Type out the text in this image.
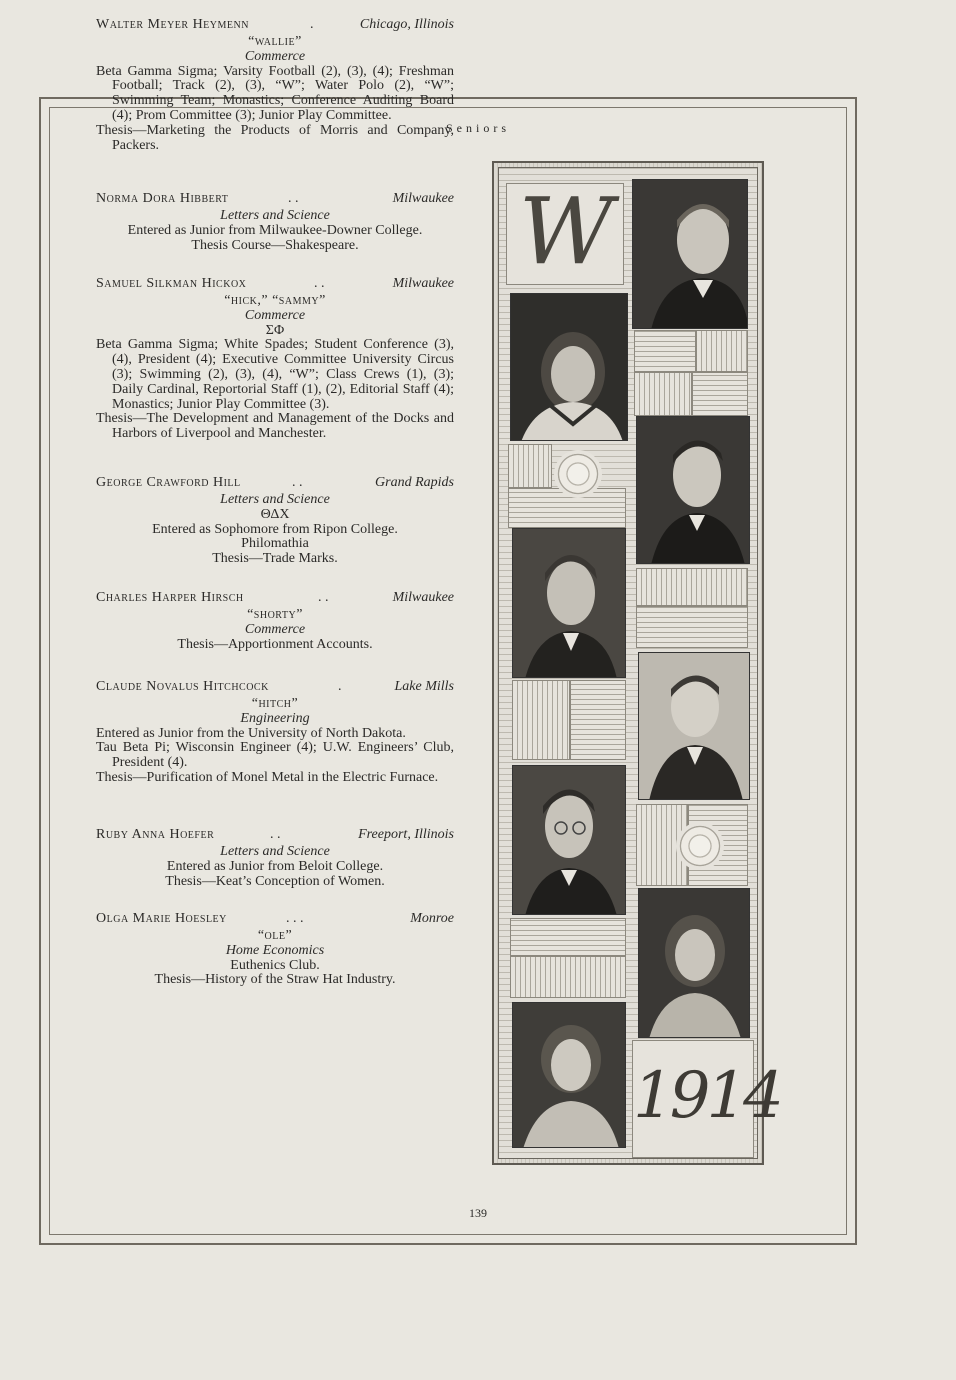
Seniors
Walter Meyer Heymenn	.	Chicago, Illinois
“wallie”
Commerce
Beta Gamma Sigma; Varsity Football (2), (3), (4); Freshman Football; Track (2), (3), “W”; Water Polo (2), “W”; Swimming Team; Monastics; Conference Auditing Board (4); Prom Committee (3); Junior Play Committee.
Thesis—Marketing the Products of Morris and Company, Packers.
Norma Dora Hibbert	. .	Milwaukee
Letters and Science
Entered as Junior from Milwaukee-Downer College.
Thesis Course—Shakespeare.
Samuel Silkman Hickox	. .	Milwaukee
“hick,” “sammy”
Commerce
ΣΦ
Beta Gamma Sigma; White Spades; Student Conference (3), (4), President (4); Executive Committee University Circus (3); Swimming (2), (3), (4), “W”; Class Crews (1), (3); Daily Cardinal, Reportorial Staff (1), (2), Editorial Staff (4); Monastics; Junior Play Committee (3).
Thesis—The Development and Management of the Docks and Harbors of Liverpool and Manchester.
George Crawford Hill	. .	Grand Rapids
Letters and Science
ΘΔΧ
Entered as Sophomore from Ripon College.
Philomathia
Thesis—Trade Marks.
Charles Harper Hirsch	. .	Milwaukee
“shorty”
Commerce
Thesis—Apportionment Accounts.
Claude Novalus Hitchcock	.	Lake Mills
“hitch”
Engineering
Entered as Junior from the University of North Dakota.
Tau Beta Pi; Wisconsin Engineer (4); U.W. Engineers’ Club, President (4).
Thesis—Purification of Monel Metal in the Electric Furnace.
Ruby Anna Hoefer	. .	Freeport, Illinois
Letters and Science
Entered as Junior from Beloit College.
Thesis—Keat’s Conception of Women.
Olga Marie Hoesley	. . .	Monroe
“ole”
Home Economics
Euthenics Club.
Thesis—History of the Straw Hat Industry.
W
1914
139
